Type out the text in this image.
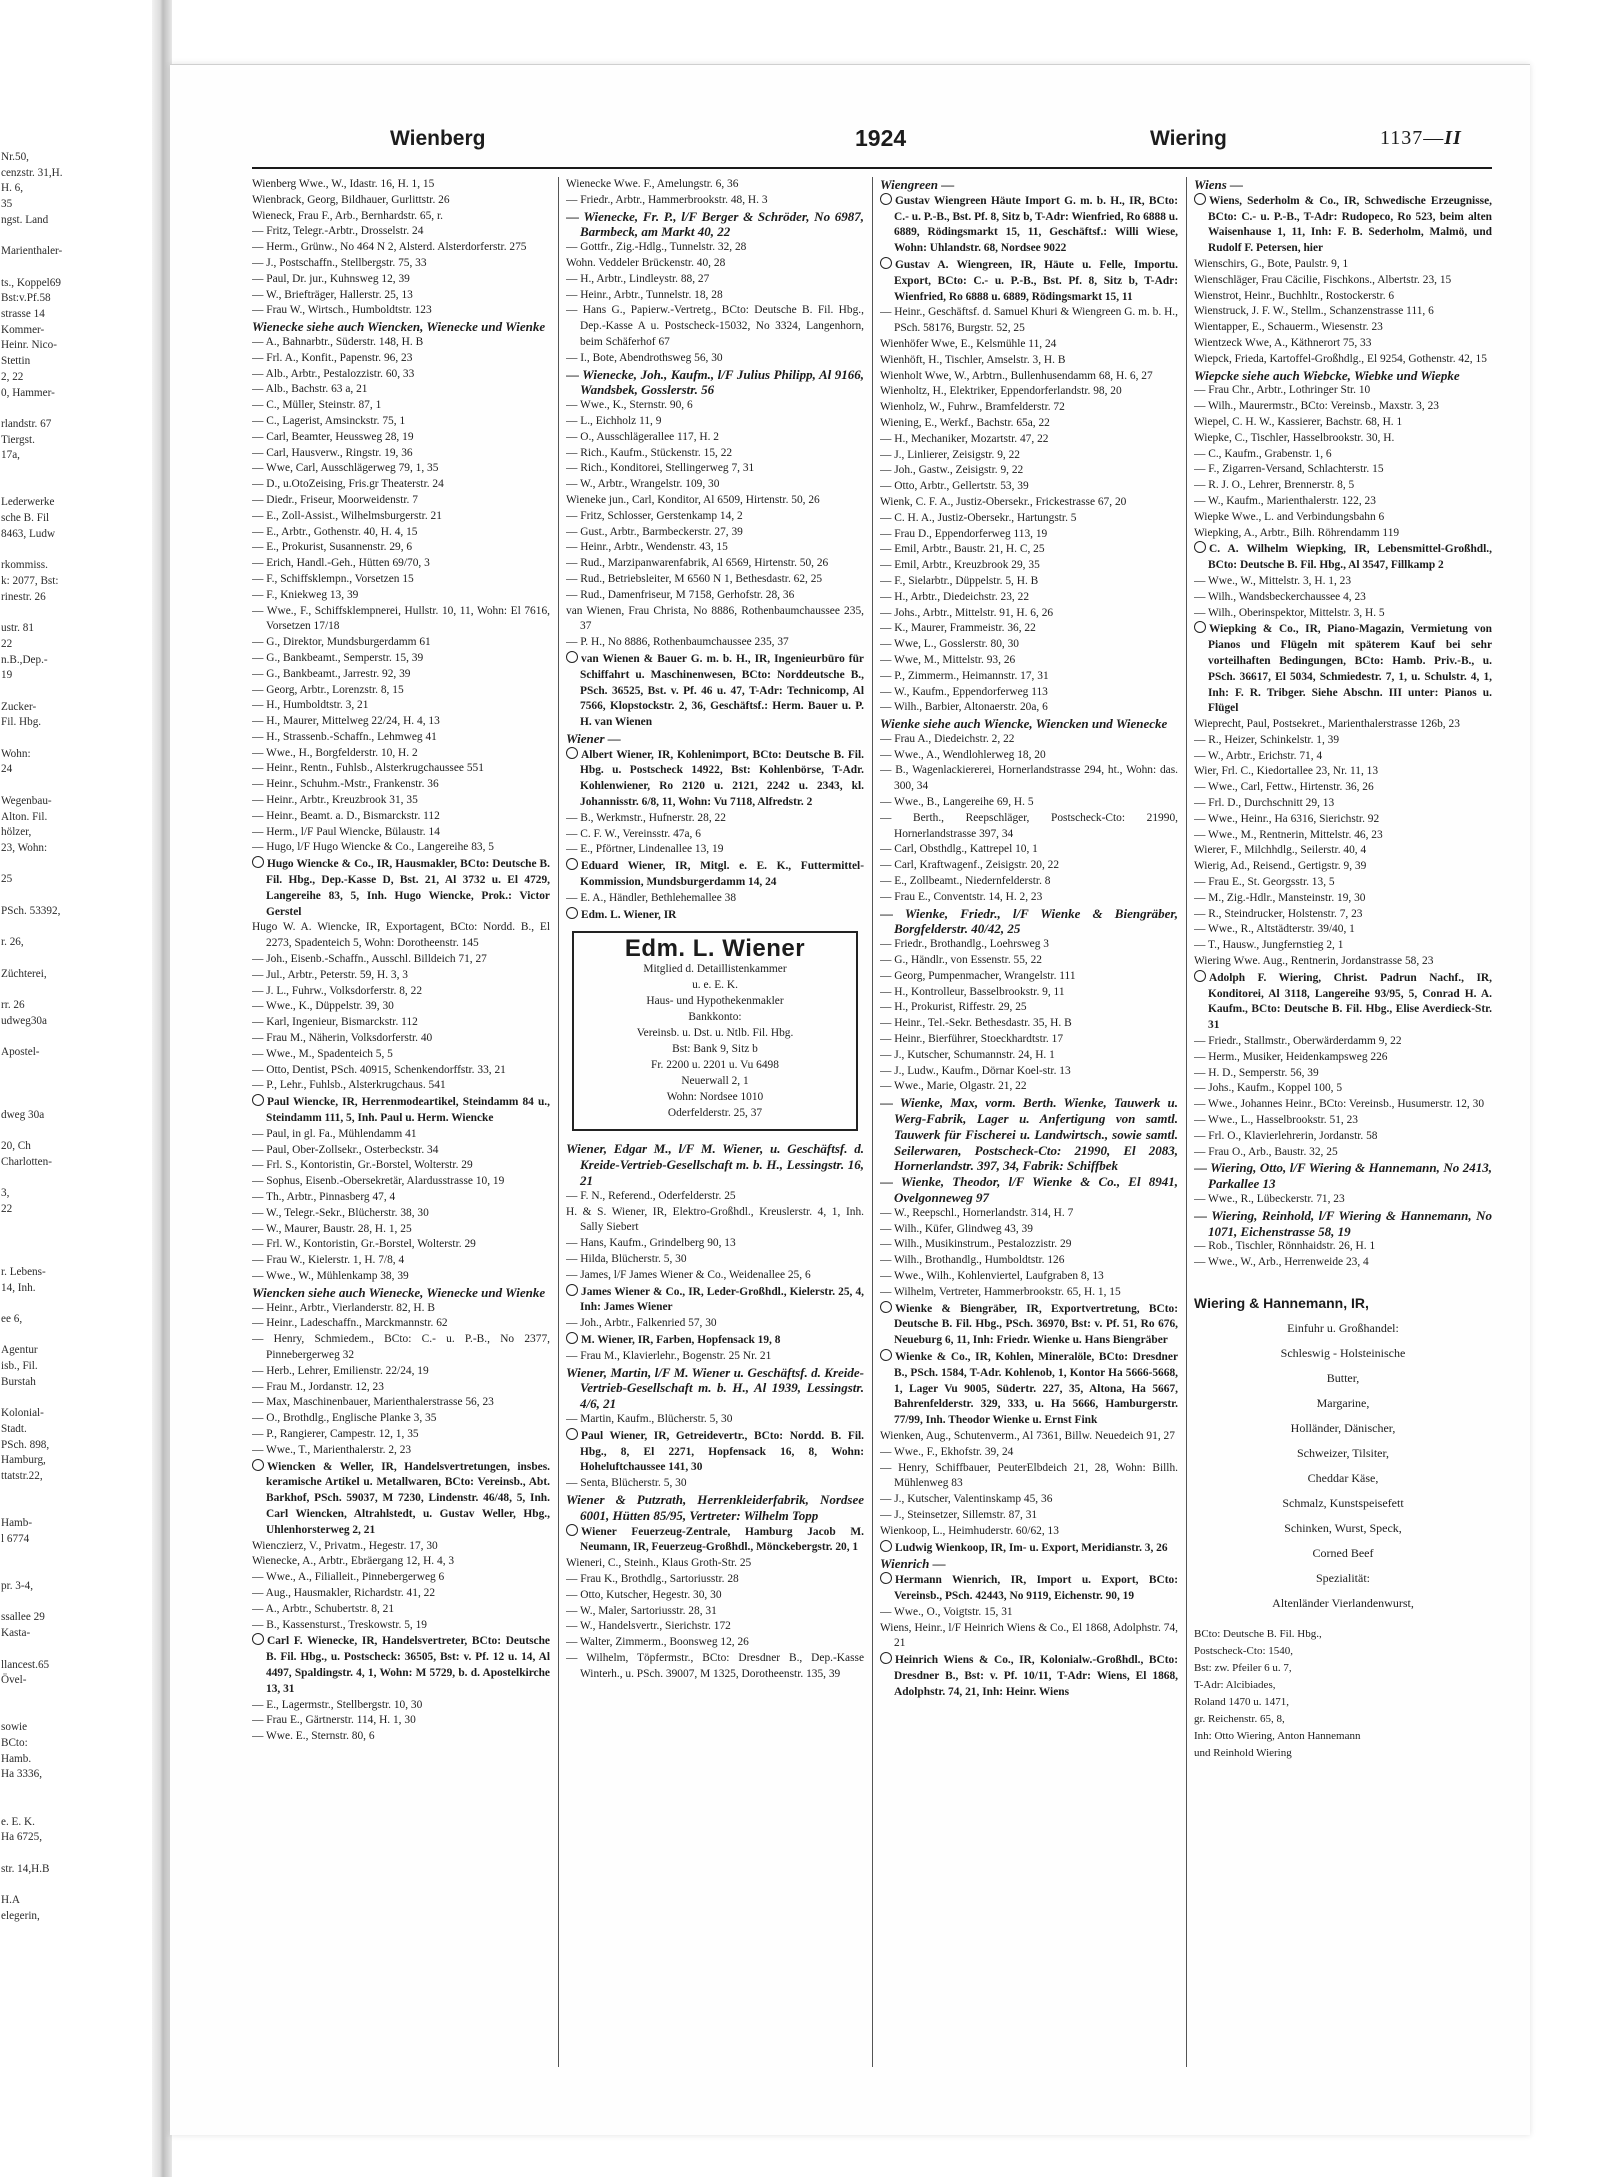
Nr.50,
cenzstr. 31,H.
H. 6,
35
ngst. Land

Marienthaler-

ts., Koppel69
Bst:v.Pf.58
strasse 14
Kommer-
Heinr. Nico-
Stettin
2, 22
0, Hammer-

rlandstr. 67
Tiergst.
17a,

Lederwerke
sche B. Fil
8463, Ludw

rkommiss.
k: 2077, Bst:
rinestr. 26

ustr. 81
22
n.B.,Dep.-
19

Zucker-
Fil. Hbg.

Wohn:
24

Wegenbau-
Alton. Fil.
hölzer,
23, Wohn:

25

PSch. 53392,

r. 26,

Züchterei,

rr. 26
udweg30a

Apostel-

dweg 30a

20, Ch
Charlotten-

3,
22

r. Lebens-
14, Inh.

ee 6,

Agentur
isb., Fil.
Burstah

Kolonial-
Stadt.
PSch. 898,
Hamburg,
ttatstr.22,

Hamb-
l 6774

pr. 3-4,

ssallee 29
Kasta-

llancest.65
Övel-

sowie
BCto:
Hamb.
Ha 3336,

e. E. K.
Ha 6725,

str. 14,H.B

H.A
elegerin,
Wienberg	1924	Wiering	1137—II
Wienberg Wwe., W., Idastr. 16, H. 1, 15
Wienbrack, Georg, Bildhauer, Gurlittstr. 26
Wieneck, Frau F., Arb., Bernhardstr. 65, r.
— Fritz, Telegr.-Arbtr., Drosselstr. 24
— Herm., Grünw., No 464 N 2, Alsterd. Alsterdorferstr. 275
— J., Postschaffn., Stellbergstr. 75, 33
— Paul, Dr. jur., Kuhnsweg 12, 39
— W., Briefträger, Hallerstr. 25, 13
— Frau W., Wirtsch., Humboldtstr. 123
Wienecke siehe auch Wiencken, Wienecke und Wienke
— A., Bahnarbtr., Süderstr. 148, H. B
— Frl. A., Konfit., Papenstr. 96, 23
— Alb., Arbtr., Pestalozzistr. 60, 33
— Alb., Bachstr. 63 a, 21
— C., Müller, Steinstr. 87, 1
— C., Lagerist, Amsinckstr. 75, 1
— Carl, Beamter, Heussweg 28, 19
— Carl, Hausverw., Ringstr. 19, 36
— Wwe, Carl, Ausschlägerweg 79, 1, 35
— D., u.OtoZeising, Fris.gr Theaterstr. 24
— Diedr., Friseur, Moorweidenstr. 7
— E., Zoll-Assist., Wilhelmsburgerstr. 21
— E., Arbtr., Gothenstr. 40, H. 4, 15
— E., Prokurist, Susannenstr. 29, 6
— Erich, Handl.-Geh., Hütten 69/70, 3
— F., Schiffsklempn., Vorsetzen 15
— F., Kniekweg 13, 39
— Wwe., F., Schiffsklempnerei, Hullstr. 10, 11, Wohn: El 7616, Vorsetzen 17/18
— G., Direktor, Mundsburgerdamm 61
— G., Bankbeamt., Semperstr. 15, 39
— G., Bankbeamt., Jarrestr. 92, 39
— Georg, Arbtr., Lorenzstr. 8, 15
— H., Humboldtstr. 3, 21
— H., Maurer, Mittelweg 22/24, H. 4, 13
— H., Strassenb.-Schaffn., Lehmweg 41
— Wwe., H., Borgfelderstr. 10, H. 2
— Heinr., Rentn., Fuhlsb., Alsterkrugchaussee 551
— Heinr., Schuhm.-Mstr., Frankenstr. 36
— Heinr., Arbtr., Kreuzbrook 31, 35
— Heinr., Beamt. a. D., Bismarckstr. 112
— Herm., l/F Paul Wiencke, Bülaustr. 14
— Hugo, l/F Hugo Wiencke & Co., Langereihe 83, 5
Hugo Wiencke & Co., IR, Hausmakler, BCto: Deutsche B. Fil. Hbg., Dep.-Kasse D, Bst. 21, Al 3732 u. El 4729, Langereihe 83, 5, Inh. Hugo Wiencke, Prok.: Victor Gerstel
Hugo W. A. Wiencke, IR, Exportagent, BCto: Nordd. B., El 2273, Spadenteich 5, Wohn: Dorotheenstr. 145
— Joh., Eisenb.-Schaffn., Ausschl. Billdeich 71, 27
— Jul., Arbtr., Peterstr. 59, H. 3, 3
— J. L., Fuhrw., Volksdorferstr. 8, 22
— Wwe., K., Düppelstr. 39, 30
— Karl, Ingenieur, Bismarckstr. 112
— Frau M., Näherin, Volksdorferstr. 40
— Wwe., M., Spadenteich 5, 5
— Otto, Dentist, PSch. 40915, Schenkendorffstr. 33, 21
— P., Lehr., Fuhlsb., Alsterkrugchaus. 541
Paul Wiencke, IR, Herrenmodeartikel, Steindamm 84 u., Steindamm 111, 5, Inh. Paul u. Herm. Wiencke
— Paul, in gl. Fa., Mühlendamm 41
— Paul, Ober-Zollsekr., Osterbeckstr. 34
— Frl. S., Kontoristin, Gr.-Borstel, Wolterstr. 29
— Sophus, Eisenb.-Obersekretär, Alardusstrasse 10, 19
— Th., Arbtr., Pinnasberg 47, 4
— W., Telegr.-Sekr., Blücherstr. 38, 30
— W., Maurer, Baustr. 28, H. 1, 25
— Frl. W., Kontoristin, Gr.-Borstel, Wolterstr. 29
— Frau W., Kielerstr. 1, H. 7/8, 4
— Wwe., W., Mühlenkamp 38, 39
Wiencken siehe auch Wienecke, Wienecke und Wienke
— Heinr., Arbtr., Vierlanderstr. 82, H. B
— Heinr., Ladeschaffn., Marckmannstr. 62
— Henry, Schmiedem., BCto: C.- u. P.-B., No 2377, Pinnebergerweg 32
— Herb., Lehrer, Emilienstr. 22/24, 19
— Frau M., Jordanstr. 12, 23
— Max, Maschinenbauer, Marienthalerstrasse 56, 23
— O., Brothdlg., Englische Planke 3, 35
— P., Rangierer, Campestr. 12, 1, 35
— Wwe., T., Marienthalerstr. 2, 23
Wiencken & Weller, IR, Handelsvertretungen, insbes. keramische Artikel u. Metallwaren, BCto: Vereinsb., Abt. Barkhof, PSch. 59037, M 7230, Lindenstr. 46/48, 5, Inh. Carl Wiencken, Altrahlstedt, u. Gustav Weller, Hbg., Uhlenhorsterweg 2, 21
Wienczierz, V., Privatm., Hegestr. 17, 30
Wienecke, A., Arbtr., Ebräergang 12, H. 4, 3
— Wwe., A., Filialleit., Pinnebergerweg 6
— Aug., Hausmakler, Richardstr. 41, 22
— A., Arbtr., Schubertstr. 8, 21
— B., Kassensturst., Treskowstr. 5, 19
Carl F. Wienecke, IR, Handelsvertreter, BCto: Deutsche B. Fil. Hbg., u. Postscheck: 36505, Bst: v. Pf. 12 u. 14, Al 4497, Spaldingstr. 4, 1, Wohn: M 5729, b. d. Apostelkirche 13, 31
— E., Lagermstr., Stellbergstr. 10, 30
— Frau E., Gärtnerstr. 114, H. 1, 30
— Wwe. E., Sternstr. 80, 6
Wienecke Wwe. F., Amelungstr. 6, 36
— Friedr., Arbtr., Hammerbrookstr. 48, H. 3
— Wienecke, Fr. P., l/F Berger & Schröder, No 6987, Barmbeck, am Markt 40, 22
— Gottfr., Zig.-Hdlg., Tunnelstr. 32, 28
Wohn. Veddeler Brückenstr. 40, 28
— H., Arbtr., Lindleystr. 88, 27
— Heinr., Arbtr., Tunnelstr. 18, 28
— Hans G., Papierw.-Vertretg., BCto: Deutsche B. Fil. Hbg., Dep.-Kasse A u. Postscheck-15032, No 3324, Langenhorn, beim Schäferhof 67
— I., Bote, Abendrothsweg 56, 30
— Wienecke, Joh., Kaufm., l/F Julius Philipp, Al 9166, Wandsbek, Gosslerstr. 56
— Wwe., K., Sternstr. 90, 6
— L., Eichholz 11, 9
— O., Ausschlägerallee 117, H. 2
— Rich., Kaufm., Stückenstr. 15, 22
— Rich., Konditorei, Stellingerweg 7, 31
— W., Arbtr., Wrangelstr. 109, 30
Wieneke jun., Carl, Konditor, Al 6509, Hirtenstr. 50, 26
— Fritz, Schlosser, Gerstenkamp 14, 2
— Gust., Arbtr., Barmbeckerstr. 27, 39
— Heinr., Arbtr., Wendenstr. 43, 15
— Rud., Marzipanwarenfabrik, Al 6569, Hirtenstr. 50, 26
— Rud., Betriebsleiter, M 6560 N 1, Bethesdastr. 62, 25
— Rud., Damenfriseur, M 7158, Gerhofstr. 28, 36
van Wienen, Frau Christa, No 8886, Rothenbaumchaussee 235, 37
— P. H., No 8886, Rothenbaumchaussee 235, 37
van Wienen & Bauer G. m. b. H., IR, Ingenieurbüro für Schiffahrt u. Maschinenwesen, BCto: Norddeutsche B., PSch. 36525, Bst. v. Pf. 46 u. 47, T-Adr: Technicomp, Al 7566, Klopstockstr. 2, 36, Geschäftsf.: Herm. Bauer u. P. H. van Wienen
Wiener —
Albert Wiener, IR, Kohlenimport, BCto: Deutsche B. Fil. Hbg. u. Postscheck 14922, Bst: Kohlenbörse, T-Adr. Kohlenwiener, Ro 2120 u. 2121, 2242 u. 2343, kl. Johannisstr. 6/8, 11, Wohn: Vu 7118, Alfredstr. 2
— B., Werkmstr., Hufnerstr. 28, 22
— C. F. W., Vereinsstr. 47a, 6
— E., Pförtner, Lindenallee 13, 19
Eduard Wiener, IR, Mitgl. e. E. K., Futtermittel-Kommission, Mundsburgerdamm 14, 24
— E. A., Händler, Bethlehemallee 38
Edm. L. Wiener, IR
Edm. L. Wiener
Mitglied d. Detaillistenkammer
u. e. E. K.
Haus- und Hypothekenmakler
Bankkonto:
Vereinsb. u. Dst. u. Ntlb. Fil. Hbg.
Bst: Bank 9, Sitz b
Fr. 2200 u. 2201 u. Vu 6498
Neuerwall 2, 1
Wohn: Nordsee 1010
Oderfelderstr. 25, 37
Wiener, Edgar M., l/F M. Wiener, u. Geschäftsf. d. Kreide-Vertrieb-Gesellschaft m. b. H., Lessingstr. 16, 21
— F. N., Referend., Oderfelderstr. 25
H. & S. Wiener, IR, Elektro-Großhdl., Kreuslerstr. 4, 1, Inh. Sally Siebert
— Hans, Kaufm., Grindelberg 90, 13
— Hilda, Blücherstr. 5, 30
— James, l/F James Wiener & Co., Weidenallee 25, 6
James Wiener & Co., IR, Leder-Großhdl., Kielerstr. 25, 4, Inh: James Wiener
— Joh., Arbtr., Falkenried 57, 30
M. Wiener, IR, Farben, Hopfensack 19, 8
— Frau M., Klavierlehr., Bogenstr. 25 Nr. 21
Wiener, Martin, l/F M. Wiener u. Geschäftsf. d. Kreide-Vertrieb-Gesellschaft m. b. H., Al 1939, Lessingstr. 4/6, 21
— Martin, Kaufm., Blücherstr. 5, 30
Paul Wiener, IR, Getreidevertr., BCto: Nordd. B. Fil. Hbg., 8, El 2271, Hopfensack 16, 8, Wohn: Hoheluftchaussee 141, 30
— Senta, Blücherstr. 5, 30
Wiener & Putzrath, Herrenkleiderfabrik, Nordsee 6001, Hütten 85/95, Vertreter: Wilhelm Topp
Wiener Feuerzeug-Zentrale, Hamburg Jacob M. Neumann, IR, Feuerzeug-Großhdl., Mönckebergstr. 20, 1
Wieneri, C., Steinh., Klaus Groth-Str. 25
— Frau K., Brothdlg., Sartoriusstr. 28
— Otto, Kutscher, Hegestr. 30, 30
— W., Maler, Sartoriusstr. 28, 31
— W., Handelsvertr., Sierichstr. 172
— Walter, Zimmerm., Boonsweg 12, 26
— Wilhelm, Töpfermstr., BCto: Dresdner B., Dep.-Kasse Winterh., u. PSch. 39007, M 1325, Dorotheenstr. 135, 39
Wiengreen —
Gustav Wiengreen Häute Import G. m. b. H., IR, BCto: C.- u. P.-B., Bst. Pf. 8, Sitz b, T-Adr: Wienfried, Ro 6888 u. 6889, Rödingsmarkt 15, 11, Geschäftsf.: Willi Wiese, Wohn: Uhlandstr. 68, Nordsee 9022
Gustav A. Wiengreen, IR, Häute u. Felle, Importu. Export, BCto: C.- u. P.-B., Bst. Pf. 8, Sitz b, T-Adr: Wienfried, Ro 6888 u. 6889, Rödingsmarkt 15, 11
— Heinr., Geschäftsf. d. Samuel Khuri & Wiengreen G. m. b. H., PSch. 58176, Burgstr. 52, 25
Wienhöfer Wwe, E., Kelsmühle 11, 24
Wienhöft, H., Tischler, Amselstr. 3, H. B
Wienholt Wwe, W., Arbtrn., Bullenhusendamm 68, H. 6, 27
Wienholtz, H., Elektriker, Eppendorferlandstr. 98, 20
Wienholz, W., Fuhrw., Bramfelderstr. 72
Wiening, E., Werkf., Bachstr. 65a, 22
— H., Mechaniker, Mozartstr. 47, 22
— J., Linlierer, Zeisigstr. 9, 22
— Joh., Gastw., Zeisigstr. 9, 22
— Otto, Arbtr., Gellertstr. 53, 39
Wienk, C. F. A., Justiz-Obersekr., Frickestrasse 67, 20
— C. H. A., Justiz-Obersekr., Hartungstr. 5
— Frau D., Eppendorferweg 113, 19
— Emil, Arbtr., Baustr. 21, H. C, 25
— Emil, Arbtr., Kreuzbrook 29, 35
— F., Sielarbtr., Düppelstr. 5, H. B
— H., Arbtr., Diedeichstr. 23, 22
— Johs., Arbtr., Mittelstr. 91, H. 6, 26
— K., Maurer, Frammeistr. 36, 22
— Wwe, L., Gosslerstr. 80, 30
— Wwe, M., Mittelstr. 93, 26
— P., Zimmerm., Heimannstr. 17, 31
— W., Kaufm., Eppendorferweg 113
— Wilh., Barbier, Altonaerstr. 20a, 6
Wienke siehe auch Wiencke, Wiencken und Wienecke
— Frau A., Diedeichstr. 2, 22
— Wwe., A., Wendlohlerweg 18, 20
— B., Wagenlackiererei, Hornerlandstrasse 294, ht., Wohn: das. 300, 34
— Wwe., B., Langereihe 69, H. 5
— Berth., Reepschläger, Postscheck-Cto: 21990, Hornerlandstrasse 397, 34
— Carl, Obsthdlg., Kattrepel 10, 1
— Carl, Kraftwagenf., Zeisigstr. 20, 22
— E., Zollbeamt., Niedernfelderstr. 8
— Frau E., Conventstr. 14, H. 2, 23
— Wienke, Friedr., l/F Wienke & Biengräber, Borgfelderstr. 40/42, 25
— Friedr., Brothandlg., Loehrsweg 3
— G., Händlr., von Essenstr. 55, 22
— Georg, Pumpenmacher, Wrangelstr. 111
— H., Kontrolleur, Basselbrookstr. 9, 11
— H., Prokurist, Riffestr. 29, 25
— Heinr., Tel.-Sekr. Bethesdastr. 35, H. B
— Heinr., Bierführer, Stoeckhardtstr. 17
— J., Kutscher, Schumannstr. 24, H. 1
— J., Ludw., Kaufm., Dörnar Koel-str. 13
— Wwe., Marie, Olgastr. 21, 22
— Wienke, Max, vorm. Berth. Wienke, Tauwerk u. Werg-Fabrik, Lager u. Anfertigung von samtl. Tauwerk für Fischerei u. Landwirtsch., sowie samtl. Seilerwaren, Postscheck-Cto: 21990, El 2083, Hornerlandstr. 397, 34, Fabrik: Schiffbek
— Wienke, Theodor, l/F Wienke & Co., El 8941, Ovelgonneweg 97
— W., Reepschl., Hornerlandstr. 314, H. 7
— Wilh., Küfer, Glindweg 43, 39
— Wilh., Musikinstrum., Pestalozzistr. 29
— Wilh., Brothandlg., Humboldtstr. 126
— Wwe., Wilh., Kohlenviertel, Laufgraben 8, 13
— Wilhelm, Vertreter, Hammerbrookstr. 65, H. 1, 15
Wienke & Biengräber, IR, Exportvertretung, BCto: Deutsche B. Fil. Hbg., PSch. 36970, Bst: v. Pf. 51, Ro 676, Neueburg 6, 11, Inh: Friedr. Wienke u. Hans Biengräber
Wienke & Co., IR, Kohlen, Mineralöle, BCto: Dresdner B., PSch. 1584, T-Adr. Kohlenob, 1, Kontor Ha 5666-5668, 1, Lager Vu 9005, Südertr. 227, 35, Altona, Ha 5667, Bahrenfelderstr. 329, 333, u. Ha 5666, Hamburgerstr. 77/99, Inh. Theodor Wienke u. Ernst Fink
Wienken, Aug., Schutenverm., Al 7361, Billw. Neuedeich 91, 27
— Wwe., F., Ekhofstr. 39, 24
— Henry, Schiffbauer, PeuterElbdeich 21, 28, Wohn: Billh. Mühlenweg 83
— J., Kutscher, Valentinskamp 45, 36
— J., Steinsetzer, Sillemstr. 87, 31
Wienkoop, L., Heimhuderstr. 60/62, 13
Ludwig Wienkoop, IR, Im- u. Export, Meridianstr. 3, 26
Wienrich —
Hermann Wienrich, IR, Import u. Export, BCto: Vereinsb., PSch. 42443, No 9119, Eichenstr. 90, 19
— Wwe., O., Voigtstr. 15, 31
Wiens, Heinr., l/F Heinrich Wiens & Co., El 1868, Adolphstr. 74, 21
Heinrich Wiens & Co., IR, Kolonialw.-Großhdl., BCto: Dresdner B., Bst: v. Pf. 10/11, T-Adr: Wiens, El 1868, Adolphstr. 74, 21, Inh: Heinr. Wiens
Wiens —
Wiens, Sederholm & Co., IR, Schwedische Erzeugnisse, BCto: C.- u. P.-B., T-Adr: Rudopeco, Ro 523, beim alten Waisenhause 1, 11, Inh: F. B. Sederholm, Malmö, und Rudolf F. Petersen, hier
Wienschirs, G., Bote, Paulstr. 9, 1
Wienschläger, Frau Cäcilie, Fischkons., Albertstr. 23, 15
Wienstrot, Heinr., Buchhltr., Rostockerstr. 6
Wienstruck, J. F. W., Stellm., Schanzenstrasse 111, 6
Wientapper, E., Schauerm., Wiesenstr. 23
Wientzeck Wwe, A., Käthnerort 75, 33
Wiepck, Frieda, Kartoffel-Großhdlg., El 9254, Gothenstr. 42, 15
Wiepcke siehe auch Wiebcke, Wiebke und Wiepke
— Frau Chr., Arbtr., Lothringer Str. 10
— Wilh., Maurermstr., BCto: Vereinsb., Maxstr. 3, 23
Wiepel, C. H. W., Kassierer, Bachstr. 68, H. 1
Wiepke, C., Tischler, Hasselbrookstr. 30, H.
— C., Kaufm., Grabenstr. 1, 6
— F., Zigarren-Versand, Schlachterstr. 15
— R. J. O., Lehrer, Brennerstr. 8, 5
— W., Kaufm., Marienthalerstr. 122, 23
Wiepke Wwe., L. and Verbindungsbahn 6
Wiepking, A., Arbtr., Bilh. Röhrendamm 119
C. A. Wilhelm Wiepking, IR, Lebensmittel-Großhdl., BCto: Deutsche B. Fil. Hbg., Al 3547, Fillkamp 2
— Wwe., W., Mittelstr. 3, H. 1, 23
— Wilh., Wandsbeckerchaussee 4, 23
— Wilh., Oberinspektor, Mittelstr. 3, H. 5
Wiepking & Co., IR, Piano-Magazin, Vermietung von Pianos und Flügeln mit späterem Kauf bei sehr vorteilhaften Bedingungen, BCto: Hamb. Priv.-B., u. PSch. 36617, El 5034, Schmiedestr. 7, 1, u. Schulstr. 4, 1, Inh: F. R. Tribger. Siehe Abschn. III unter: Pianos u. Flügel
Wieprecht, Paul, Postsekret., Marienthalerstrasse 126b, 23
— R., Heizer, Schinkelstr. 1, 39
— W., Arbtr., Erichstr. 71, 4
Wier, Frl. C., Kiedortallee 23, Nr. 11, 13
— Wwe., Carl, Fettw., Hirtenstr. 36, 26
— Frl. D., Durchschnitt 29, 13
— Wwe., Heinr., Ha 6316, Sierichstr. 92
— Wwe., M., Rentnerin, Mittelstr. 46, 23
Wierer, F., Milchhdlg., Seilerstr. 40, 4
Wierig, Ad., Reisend., Gertigstr. 9, 39
— Frau E., St. Georgsstr. 13, 5
— M., Zig.-Hdlr., Mansteinstr. 19, 30
— R., Steindrucker, Holstenstr. 7, 23
— Wwe., R., Altstädterstr. 39/40, 1
— T., Hausw., Jungfernstieg 2, 1
Wiering Wwe. Aug., Rentnerin, Jordanstrasse 58, 23
Adolph F. Wiering, Christ. Padrun Nachf., IR, Konditorei, Al 3118, Langereihe 93/95, 5, Conrad H. A. Kaufm., BCto: Deutsche B. Fil. Hbg., Elise Averdieck-Str. 31
— Friedr., Stallmstr., Oberwärderdamm 9, 22
— Herm., Musiker, Heidenkampsweg 226
— H. D., Semperstr. 56, 39
— Johs., Kaufm., Koppel 100, 5
— Wwe., Johannes Heinr., BCto: Vereinsb., Husumerstr. 12, 30
— Wwe., L., Hasselbrookstr. 51, 23
— Frl. O., Klavierlehrerin, Jordanstr. 58
— Frau O., Arb., Baustr. 32, 25
— Wiering, Otto, l/F Wiering & Hannemann, No 2413, Parkallee 13
— Wwe., R., Lübeckerstr. 71, 23
— Wiering, Reinhold, l/F Wiering & Hannemann, No 1071, Eichenstrasse 58, 19
— Rob., Tischler, Rönnhaidstr. 26, H. 1
— Wwe., W., Arb., Herrenweide 23, 4
Wiering & Hannemann, IR,
Einfuhr u. Großhandel:
Schleswig - Holsteinische
Butter,
Margarine,
Holländer, Dänischer,
Schweizer, Tilsiter,
Cheddar Käse,
Schmalz, Kunstspeisefett
Schinken, Wurst, Speck,
Corned Beef
Spezialität:
Altenländer Vierlandenwurst,
BCto: Deutsche B. Fil. Hbg.,
Postscheck-Cto: 1540,
Bst: zw. Pfeiler 6 u. 7,
T-Adr: Alcibiades,
Roland 1470 u. 1471,
gr. Reichenstr. 65, 8,
Inh: Otto Wiering, Anton Hannemann
und Reinhold Wiering
